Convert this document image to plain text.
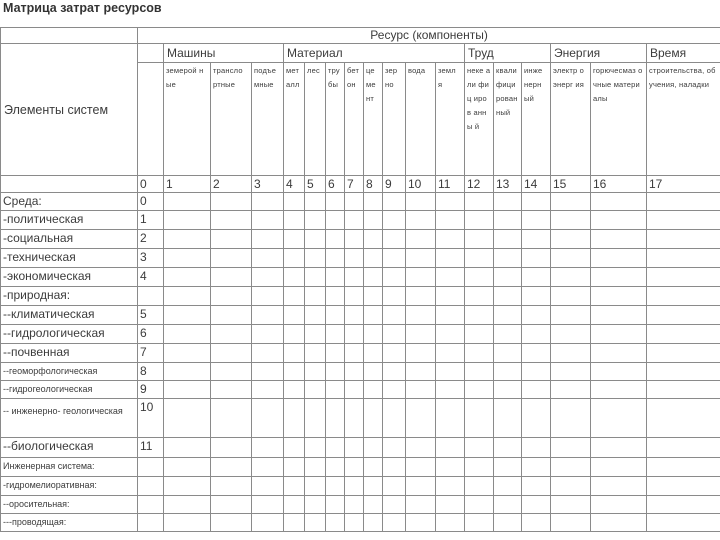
Матрица затрат ресурсов
	Ресурс (компоненты)																	
Элементы систем		Машины			Материал								Труд			Энергия		Время
		земерой ные	трансло ртные	подъе мные	мет алл	лес	тру бы	бет он	це ме нт	зер но	вода	земл я	неке али фиц иров анны й	квали фици рован ный	инже нерн ый	электр оэнерг ия	горючесмаз очные материалы	строительства, обучения, наладки
	0	1	2	3	4	5	6	7	8	9	10	11	12	13	14	15	16	17
Среда:	0																	
-политическая	1																	
-социальная	2																	
-техническая	3																	
-экономическая	4																	
-природная:																		
--климатическая	5																	
--гидрологическая	6																	
--почвенная	7																	
--геоморфологическая	8																	
--гидрогеологическая	9																	
-- инженерно- геологическая	10																	
--биологическая	11																	
Инженерная система:																		
-гидромелиоративная:																		
--оросительная:																		
---проводящая:																		
